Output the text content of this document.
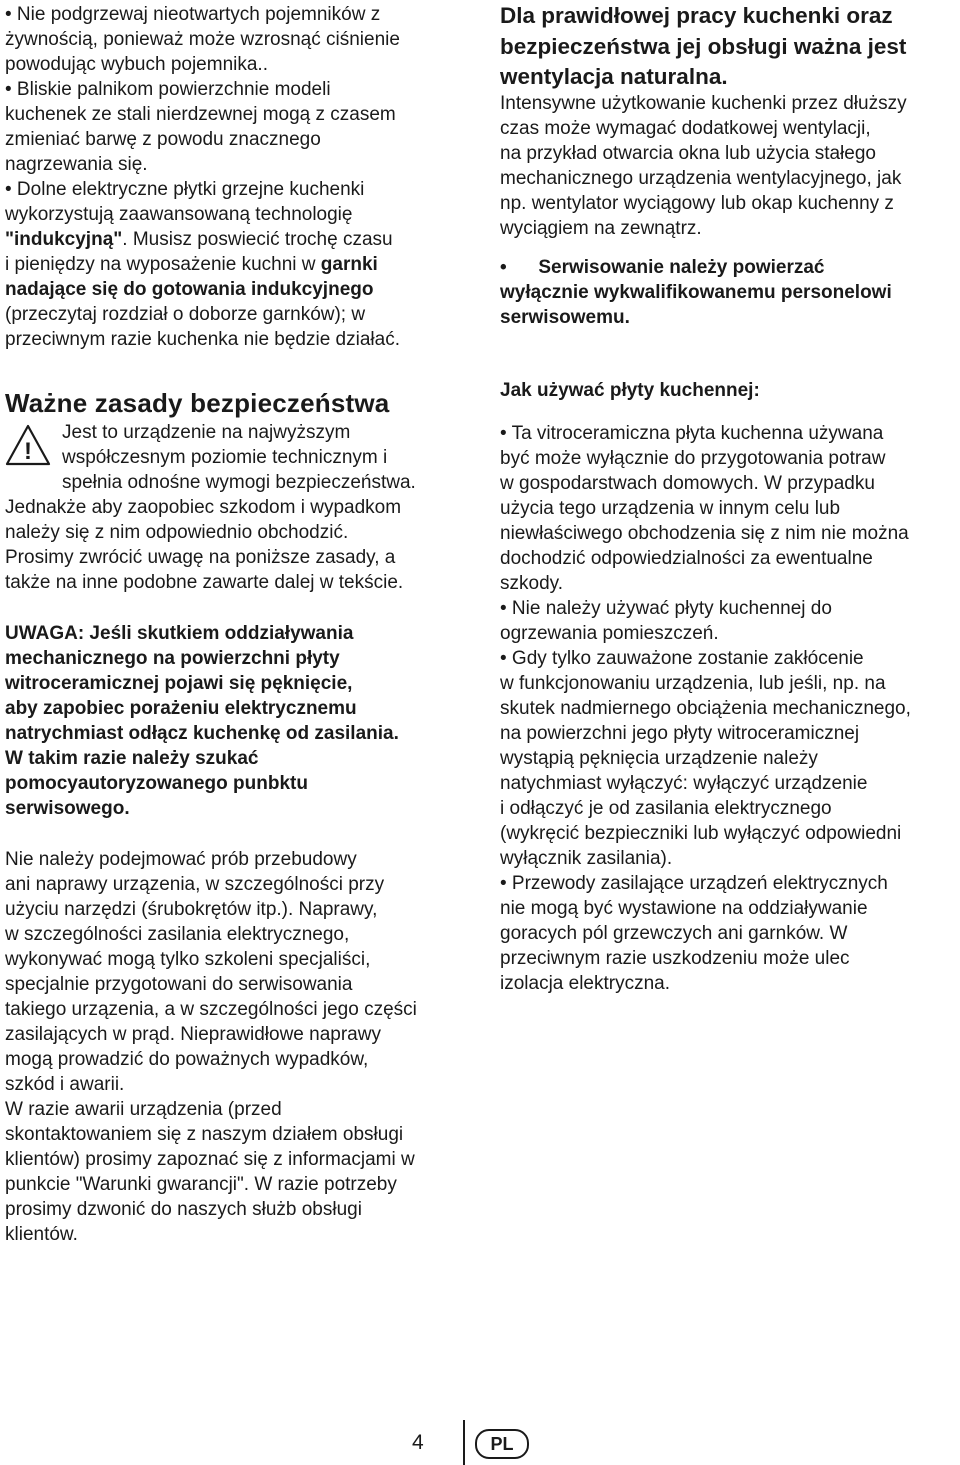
• Nie podgrzewaj nieotwartych pojemników z
żywnością, ponieważ może wzrosnąć ciśnienie
powodując wybuch pojemnika..
• Bliskie palnikom powierzchnie modeli
kuchenek ze stali nierdzewnej mogą z czasem
zmieniać barwę z powodu znacznego
nagrzewania się.
• Dolne elektryczne płytki grzejne kuchenki
wykorzystują zaawansowaną technologię
"indukcyjną". Musisz poswiecić trochę czasu
i pieniędzy na wyposażenie kuchni w garnki
nadające się do gotowania indukcyjnego
(przeczytaj rozdział o doborze garnków); w
przeciwnym razie kuchenka nie będzie działać.
Ważne zasady bezpieczeństwa
!
Jest to urządzenie na najwyższym
współczesnym poziomie technicznym i
spełnia odnośne wymogi bezpieczeństwa.
Jednakże aby zaopobiec szkodom i wypadkom
należy się z nim odpowiednio obchodzić.
Prosimy zwrócić uwagę na poniższe zasady, a
także na inne podobne zawarte dalej w tekście.
UWAGA: Jeśli skutkiem oddziaływania
mechanicznego na powierzchni płyty
witroceramicznej pojawi się pęknięcie,
aby zapobiec porażeniu elektrycznemu
natrychmiast odłącz kuchenkę od zasilania.
W takim razie należy szukać
pomocyautoryzowanego punbktu
serwisowego.
Nie należy podejmować prób przebudowy
ani naprawy urzązenia, w szczególności przy
użyciu narzędzi (śrubokrętów itp.). Naprawy,
w szczególności zasilania elektrycznego,
wykonywać mogą tylko szkoleni specjaliści,
specjalnie przygotowani do serwisowania
takiego urzązenia, a w szczególności jego części
zasilających w prąd. Nieprawidłowe naprawy
mogą prowadzić do poważnych wypadków,
szkód i awarii.
W razie awarii urządzenia (przed
skontaktowaniem się z naszym działem obsługi
klientów) prosimy zapoznać się z informacjami w
punkcie "Warunki gwarancji". W razie potrzeby
prosimy dzwonić do naszych służb obsługi
klientów.
Dla prawidłowej pracy kuchenki oraz
bezpieczeństwa jej obsługi ważna jest
wentylacja naturalna.
Intensywne użytkowanie kuchenki przez dłuższy
czas może wymagać dodatkowej wentylacji,
na przykład otwarcia okna lub użycia stałego
mechanicznego urządzenia wentylacyjnego, jak
np. wentylator wyciągowy lub okap kuchenny z
wyciągiem na zewnątrz.
•      Serwisowanie należy powierzać
wyłącznie wykwalifikowanemu personelowi
serwisowemu.

Jak używać płyty kuchennej:

• Ta vitroceramiczna płyta kuchenna używana
być może wyłącznie do przygotowania potraw
w gospodarstwach domowych. W przypadku
użycia tego urządzenia w innym celu lub
niewłaściwego obchodzenia się z nim nie można
dochodzić odpowiedzialności za ewentualne
szkody.
• Nie należy używać płyty kuchennej do
ogrzewania pomieszczeń.
• Gdy tylko zauważone zostanie zakłócenie
w funkcjonowaniu urządzenia, lub jeśli, np. na
skutek nadmiernego obciążenia mechanicznego,
na powierzchni jego płyty witroceramicznej
wystąpią pęknięcia urządzenie należy
natychmiast wyłączyć: wyłączyć urządzenie
i odłączyć je od zasilania elektrycznego
(wykręcić bezpieczniki lub wyłączyć odpowiedni
wyłącznik zasilania).
• Przewody zasilające urządzeń elektrycznych
nie mogą być wystawione na oddziaływanie
goracych pól grzewczych ani garnków. W
przeciwnym razie uszkodzeniu może ulec
izolacja elektryczna.
4	PL
